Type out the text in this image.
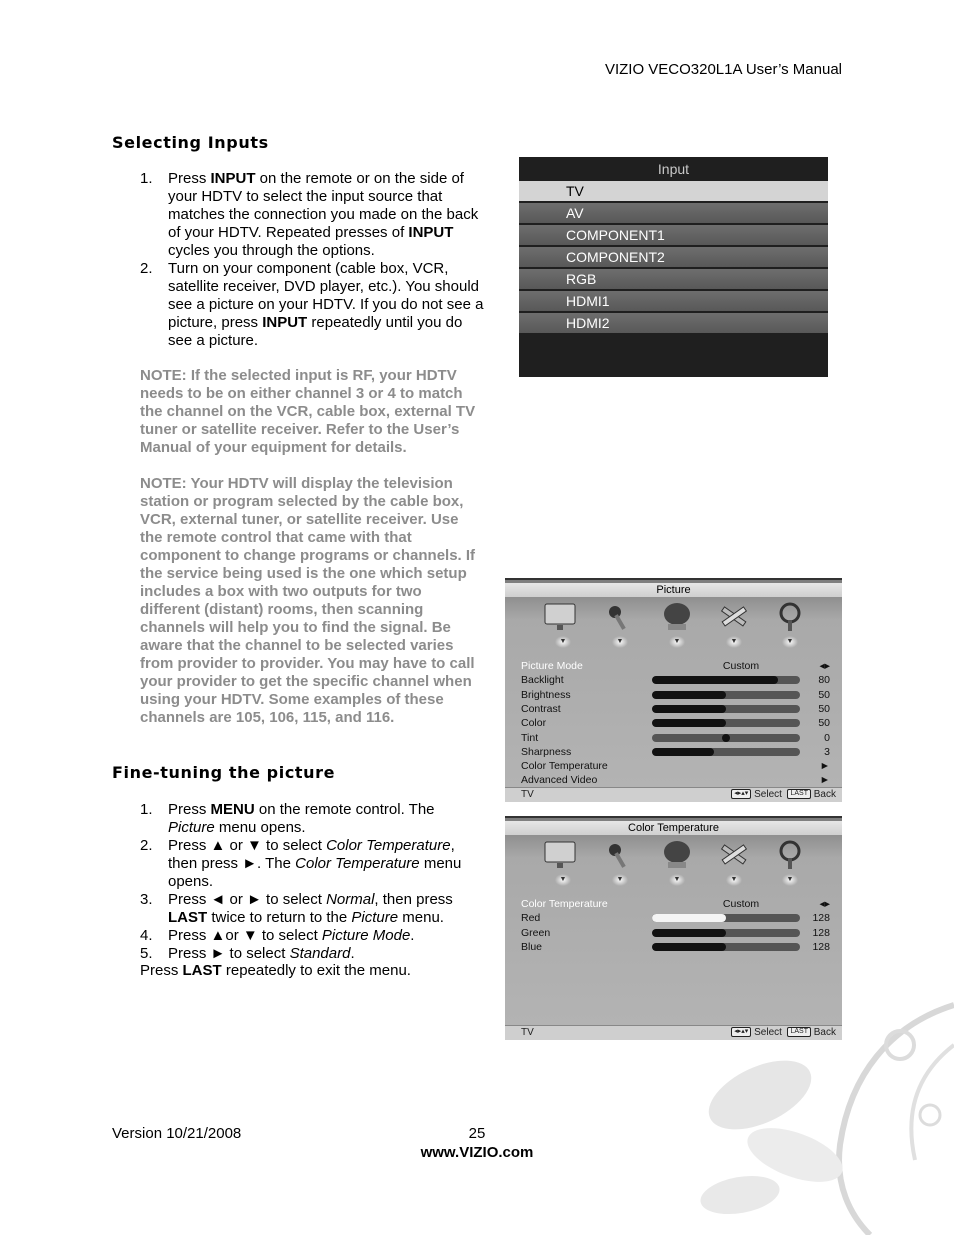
VIZIO VECO320L1A User’s Manual
Selecting Inputs
1. Press INPUT on the remote or on the side of your HDTV to select the input source that matches the connection you made on the back of your HDTV. Repeated presses of INPUT cycles you through the options.
2. Turn on your component (cable box, VCR, satellite receiver, DVD player, etc.). You should see a picture on your HDTV. If you do not see a picture, press INPUT repeatedly until you do see a picture.
NOTE: If the selected input is RF, your HDTV needs to be on either channel 3 or 4 to match the channel on the VCR, cable box, external TV tuner or satellite receiver. Refer to the User’s Manual of your equipment for details.
NOTE: Your HDTV will display the television station or program selected by the cable box, VCR, external tuner, or satellite receiver. Use the remote control that came with that component to change programs or channels. If the service being used is the one which setup includes a box with two outputs for two different (distant) rooms, then scanning channels will help you to find the signal. Be aware that the channel to be selected varies from provider to provider. You may have to call your provider to get the specific channel when using your HDTV. Some examples of these channels are 105, 106, 115, and 116.
Input
TV
AV
COMPONENT1
COMPONENT2
RGB
HDMI1
HDMI2
Fine-tuning the picture
1. Press MENU on the remote control. The Picture menu opens.
2. Press ▲ or ▼ to select Color Temperature, then press ►. The Color Temperature menu opens.
3. Press ◄ or ► to select Normal, then press LAST twice to return to the Picture menu.
4. Press ▲or ▼ to select Picture Mode.
5. Press ► to select Standard.
Press LAST repeatedly to exit the menu.
Picture
▼	▼	▼	▼	▼
Picture Mode	Custom	◂▸
Backlight	80
Brightness	50
Contrast	50
Color	50
Tint	0
Sharpness	3
Color Temperature	►
Advanced Video	►
TV	◂▸▴▾ Select LAST Back
Color Temperature
▼	▼	▼	▼	▼
Color Temperature	Custom	◂▸
Red	128
Green	128
Blue	128
TV	◂▸▴▾ Select LAST Back
Version 10/21/2008	25
www.VIZIO.com
